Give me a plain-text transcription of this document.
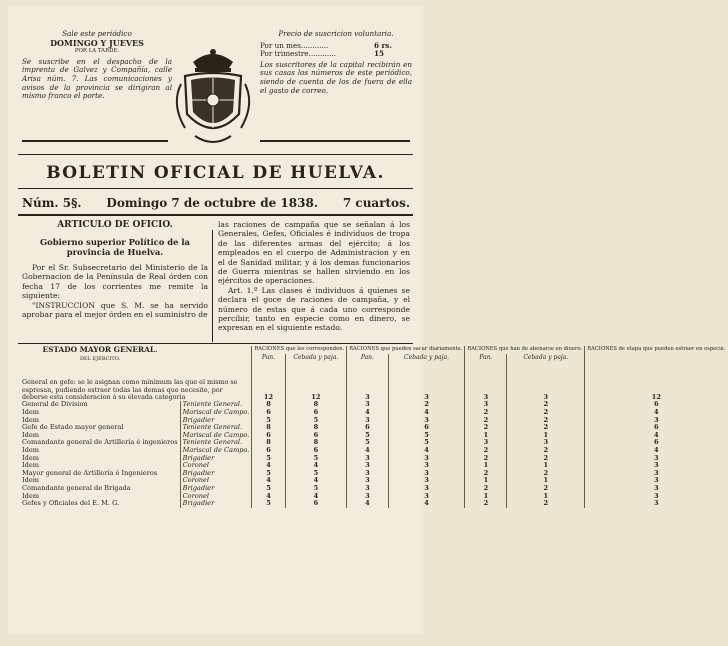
Sale este periódico
DOMINGO Y JUEVES
POR LA TARDE.
Se suscribe en el despacho de la imprenta de Galvez y Compañía, calle Arisa núm. 7. Las comunicaciones y avisos de la provincia se dirigiran al mismo franco el porte.
Precio de suscricion voluntaria.
Por un mes............	6 rs.
Por trimestre............	15
Los suscritores de la capital recibirán en sus casas los números de este periódico, siendo de cuenta de los de fuera de ella el gasto de correo.
BOLETIN OFICIAL DE HUELVA.
Núm. 5§. Domingo 7 de octubre de 1838. 7 cuartos.
ARTICULO DE OFICIO.
Gobierno superior Político de la provincia de Huelva.
Por el Sr. Subsecretario del Ministerio de la Gobernacion de la Península de Real órden con fecha 17 de los corrientes me remite la siguiente:
"INSTRUCCION que S. M. se ha servido aprobar para el mejor órden en el suministro de
las raciones de campaña que se señalan á los Generales, Gefes, Oficiales é individuos de tropa de las diferentes armas del ejército; á los empleados en el cuerpo de Administracion y en el de Sanidad militar, y á los demas funcionarios de Guerra mientras se hallen sirviendo en los ejércitos de operaciones.
Art. 1.º Las clases é individuos á quienes se declara el goce de raciones de campaña, y el número de estas que á cada uno corresponde percibir, tanto en especie como en dinero, se expresan en el siguiente estado.
ESTADO MAYOR GENERAL.
DEL EJÉRCITO.		RACIONES que les corresponden.		RACIONES que pueden sacar diariamente.		RACIONES que han de abonarse en dinero.		RACIONES de etapa que pueden estraer en especie.
		Pan.	Cebada y paja.	Pan.	Cebada y paja.	Pan.	Cebada y paja.	
General en gefe: se le asignan como mínimum las que el mismo se espresan, pudiendo estraer todas las demas que necesite, por deberse esta consideracion á su elevada categoría		12	12	3	3	3	3	12
General de Division	Teniente General.	8	8	3	2	3	2	6
Idem	Mariscal de Campo.	6	6	4	4	2	2	4
Idem	Brigadier	5	5	3	3	2	2	3
Gefe de Estado mayor general	Teniente General.	8	8	6	6	2	2	6
Idem	Mariscal de Campo.	6	6	5	5	1	1	4
Comandante general de Artillería é ingenieros	Teniente General.	8	8	5	5	3	3	6
Idem	Mariscal de Campo.	6	6	4	4	2	2	4
Idem	Brigadier	5	5	3	3	2	2	3
Idem	Coronel	4	4	3	3	1	1	3
Mayor general de Artillería é Ingenieros	Brigadier	5	5	3	3	2	2	3
Idem	Coronel	4	4	3	3	1	1	3
Comandante general de Brigada	Brigadier	5	5	3	3	2	2	3
Idem	Coronel	4	4	3	3	1	1	3
Gefes y Oficiales del E. M. G.	Brigadier	5	6	4	4	2	2	3
